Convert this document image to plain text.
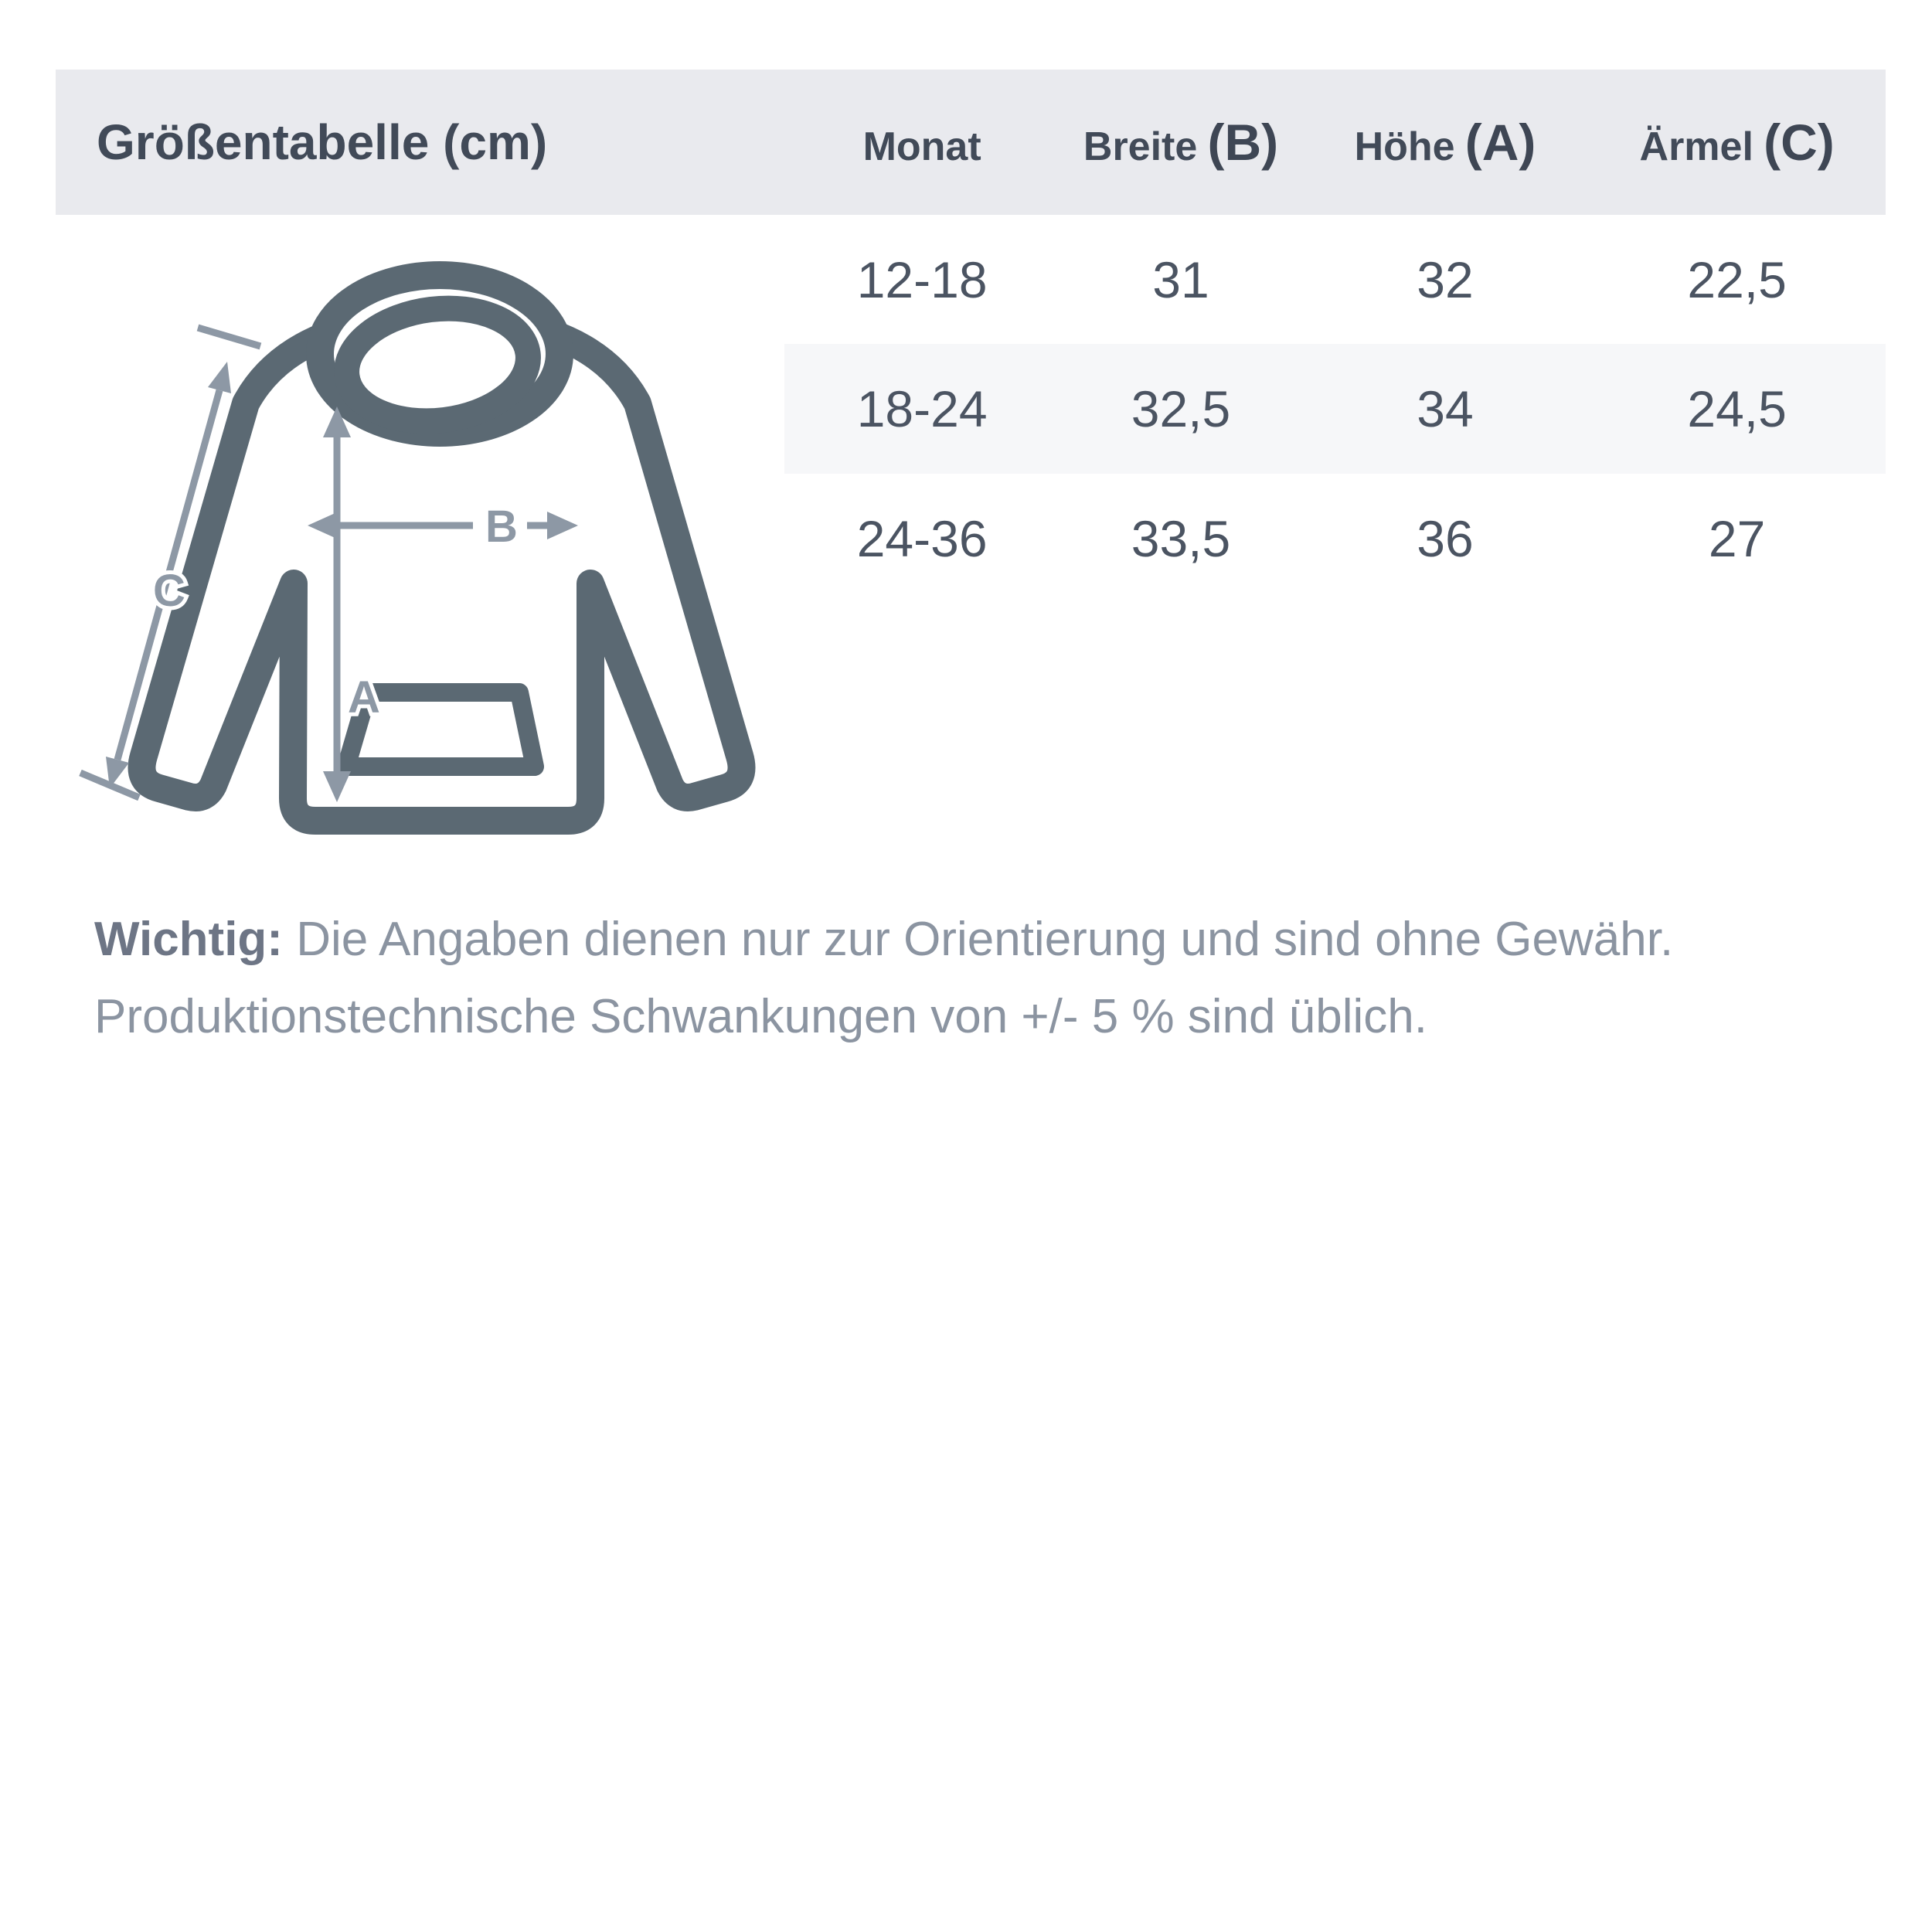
Größentabelle (cm)	Monat	Breite (B)	Höhe (A)	Ärmel (C)
12-18	31	32	22,5
18-24	32,5	34	24,5
24-36	33,5	36	27
A
B
C

Wichtig: Die Angaben dienen nur zur Orientierung und sind ohne Gewähr.

Produktionstechnische Schwankungen von +/- 5 % sind üblich.
